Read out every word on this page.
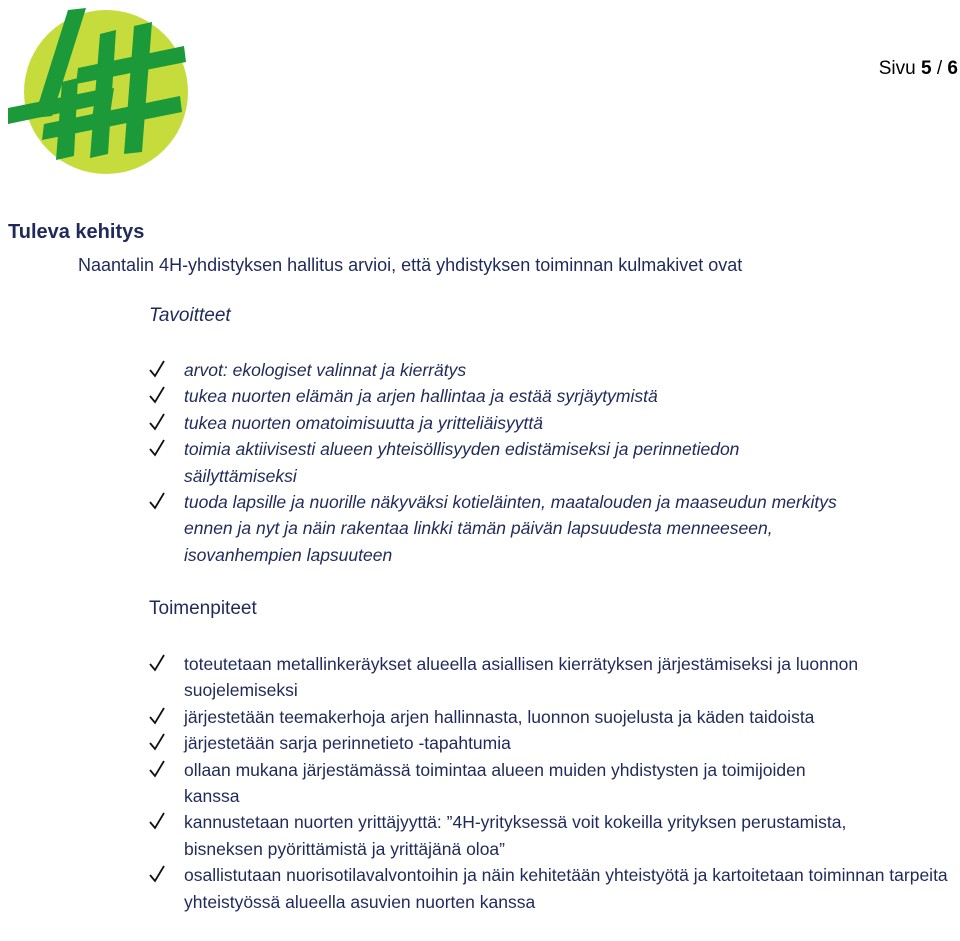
Sivu 5 / 6
Tuleva kehitys
Naantalin 4H-yhdistyksen hallitus arvioi, että yhdistyksen toiminnan kulmakivet ovat
Tavoitteet
arvot: ekologiset valinnat ja kierrätys
tukea nuorten elämän ja arjen hallintaa ja estää syrjäytymistä
tukea nuorten omatoimisuutta ja yritteliäisyyttä
toimia aktiivisesti alueen yhteisöllisyyden edistämiseksi ja perinnetiedon säilyttämiseksi
tuoda lapsille ja nuorille näkyväksi kotieläinten, maatalouden ja maaseudun merkitys ennen ja nyt ja näin rakentaa linkki tämän päivän lapsuudesta menneeseen, isovanhempien lapsuuteen
Toimenpiteet
toteutetaan metallinkeräykset alueella asiallisen kierrätyksen järjestämiseksi ja luonnon suojelemiseksi
järjestetään teemakerhoja arjen hallinnasta, luonnon suojelusta ja käden taidoista
järjestetään sarja perinnetieto -tapahtumia
ollaan mukana järjestämässä toimintaa alueen muiden yhdistysten ja toimijoiden kanssa
kannustetaan nuorten yrittäjyyttä: ”4H-yrityksessä voit kokeilla yrityksen perustamista, bisneksen pyörittämistä ja yrittäjänä oloa”
osallistutaan nuorisotilavalvontoihin ja näin kehitetään yhteistyötä ja kartoitetaan toiminnan tarpeita yhteistyössä alueella asuvien nuorten kanssa
